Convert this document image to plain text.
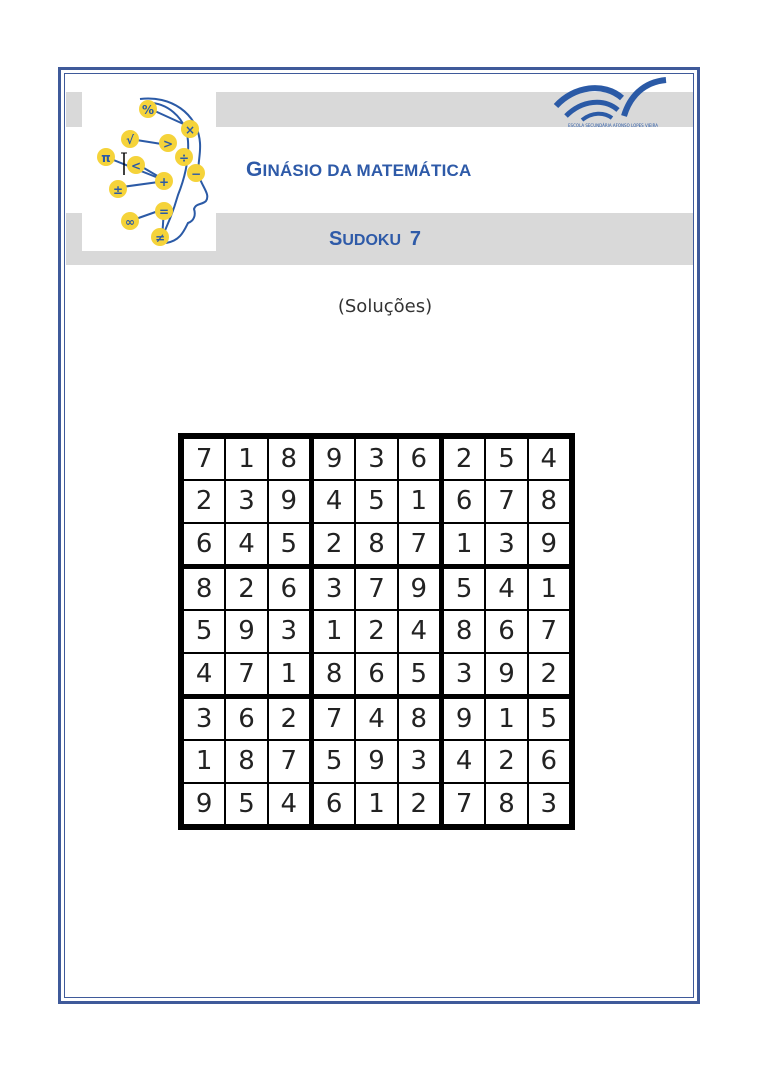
%
√ >
×
π
<
÷
−
+
±
=
∞
≠
ESCOLA SECUNDÁRIA AFONSO LOPES VIEIRA
GINÁSIO DA MATEMÁTICA
SUDOKU 7
(Soluções)
7 1 8
2 3 9
6 4 5
9 3 6
4 5 1
2 8 7
2 5 4
6 7 8
1 3 9
8 2 6
5 9 3
4 7 1
3 7 9
1 2 4
8 6 5
5 4 1
8 6 7
3 9 2
3 6 2
1 8 7
9 5 4
7 4 8
5 9 3
6 1 2
9 1 5
4 2 6
7 8 3
